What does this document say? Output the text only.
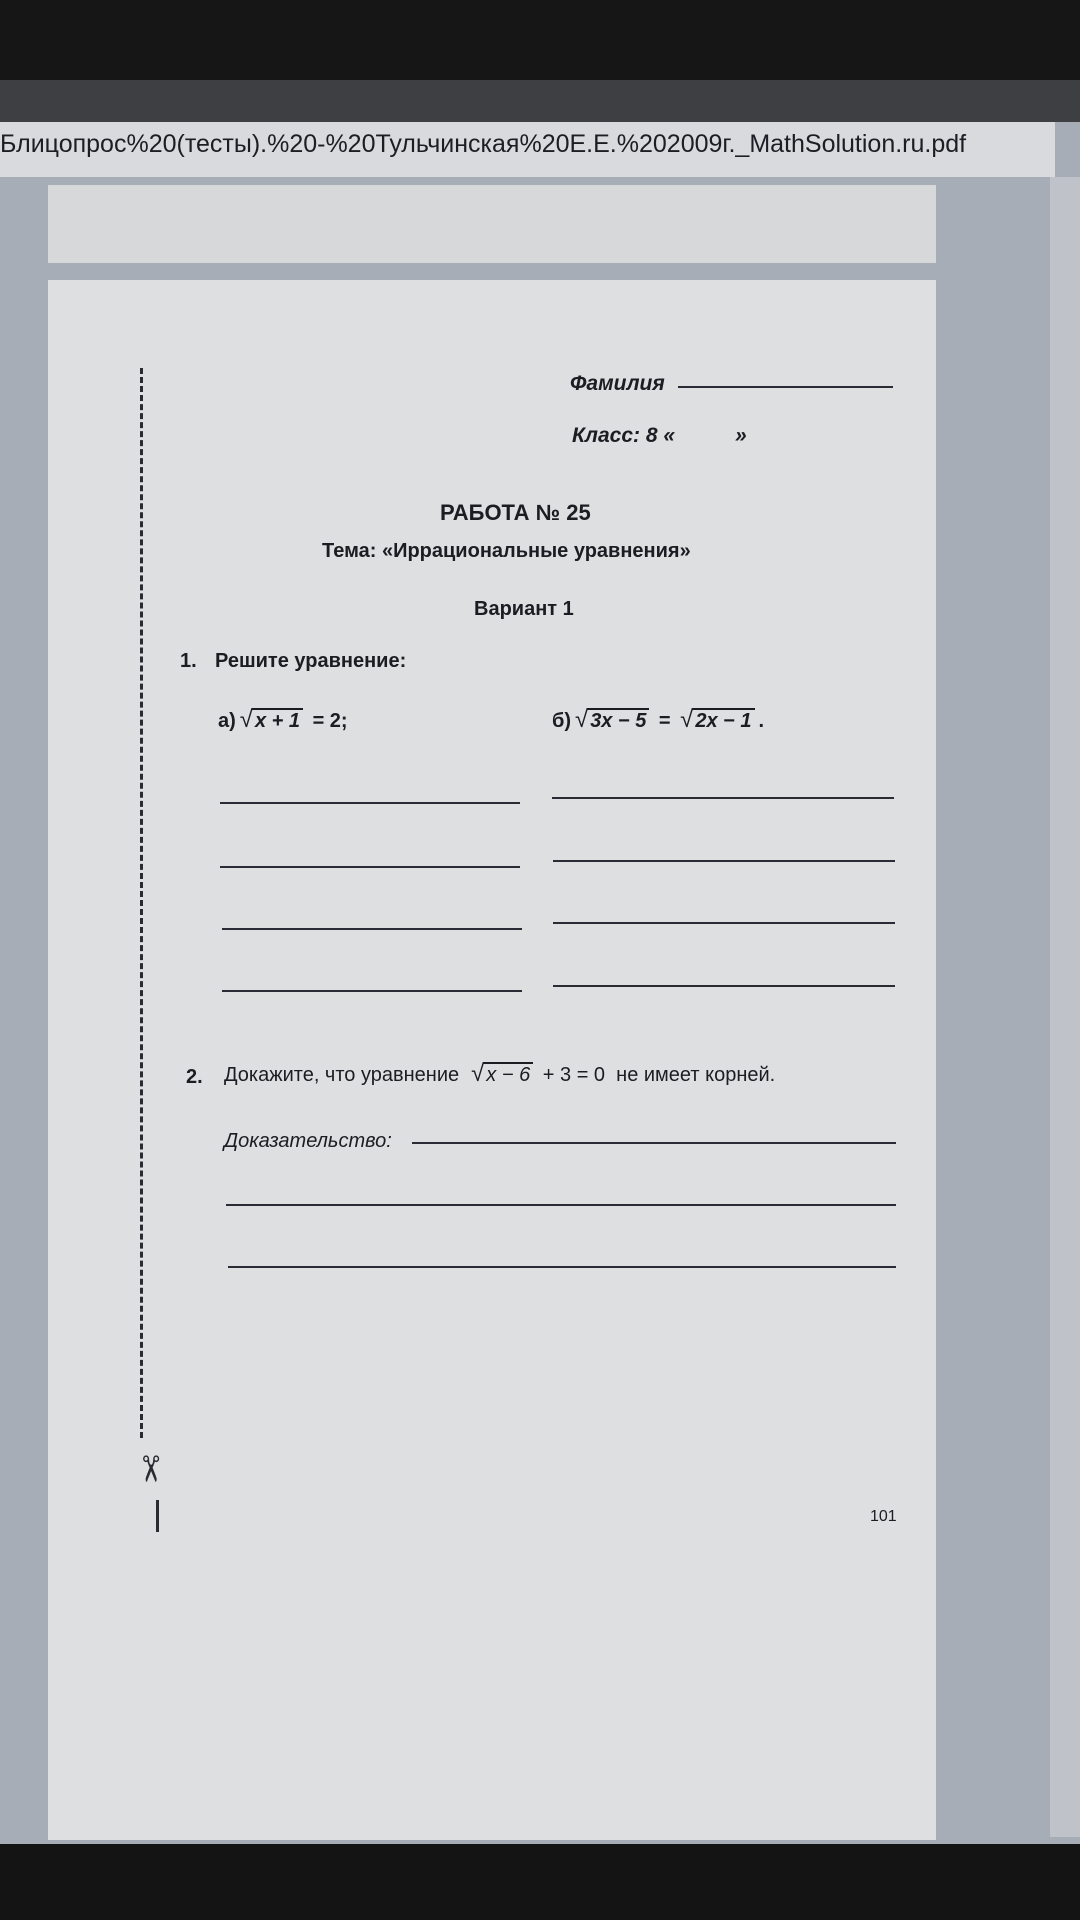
Блицопрос%20(тесты).%20-%20Тульчинская%20Е.Е.%202009г._MathSolution.ru.pdf
✂
Фамилия
Класс: 8 «	»
РАБОТА № 25
Тема: «Иррациональные уравнения»
Вариант 1
1. Решите уравнение:
а) √ x + 1 = 2;	б) √ 3x − 5 = √ 2x − 1 .
2. Докажите, что уравнение √ x − 6 + 3 = 0  не имеет корней.
Доказательство:
101
